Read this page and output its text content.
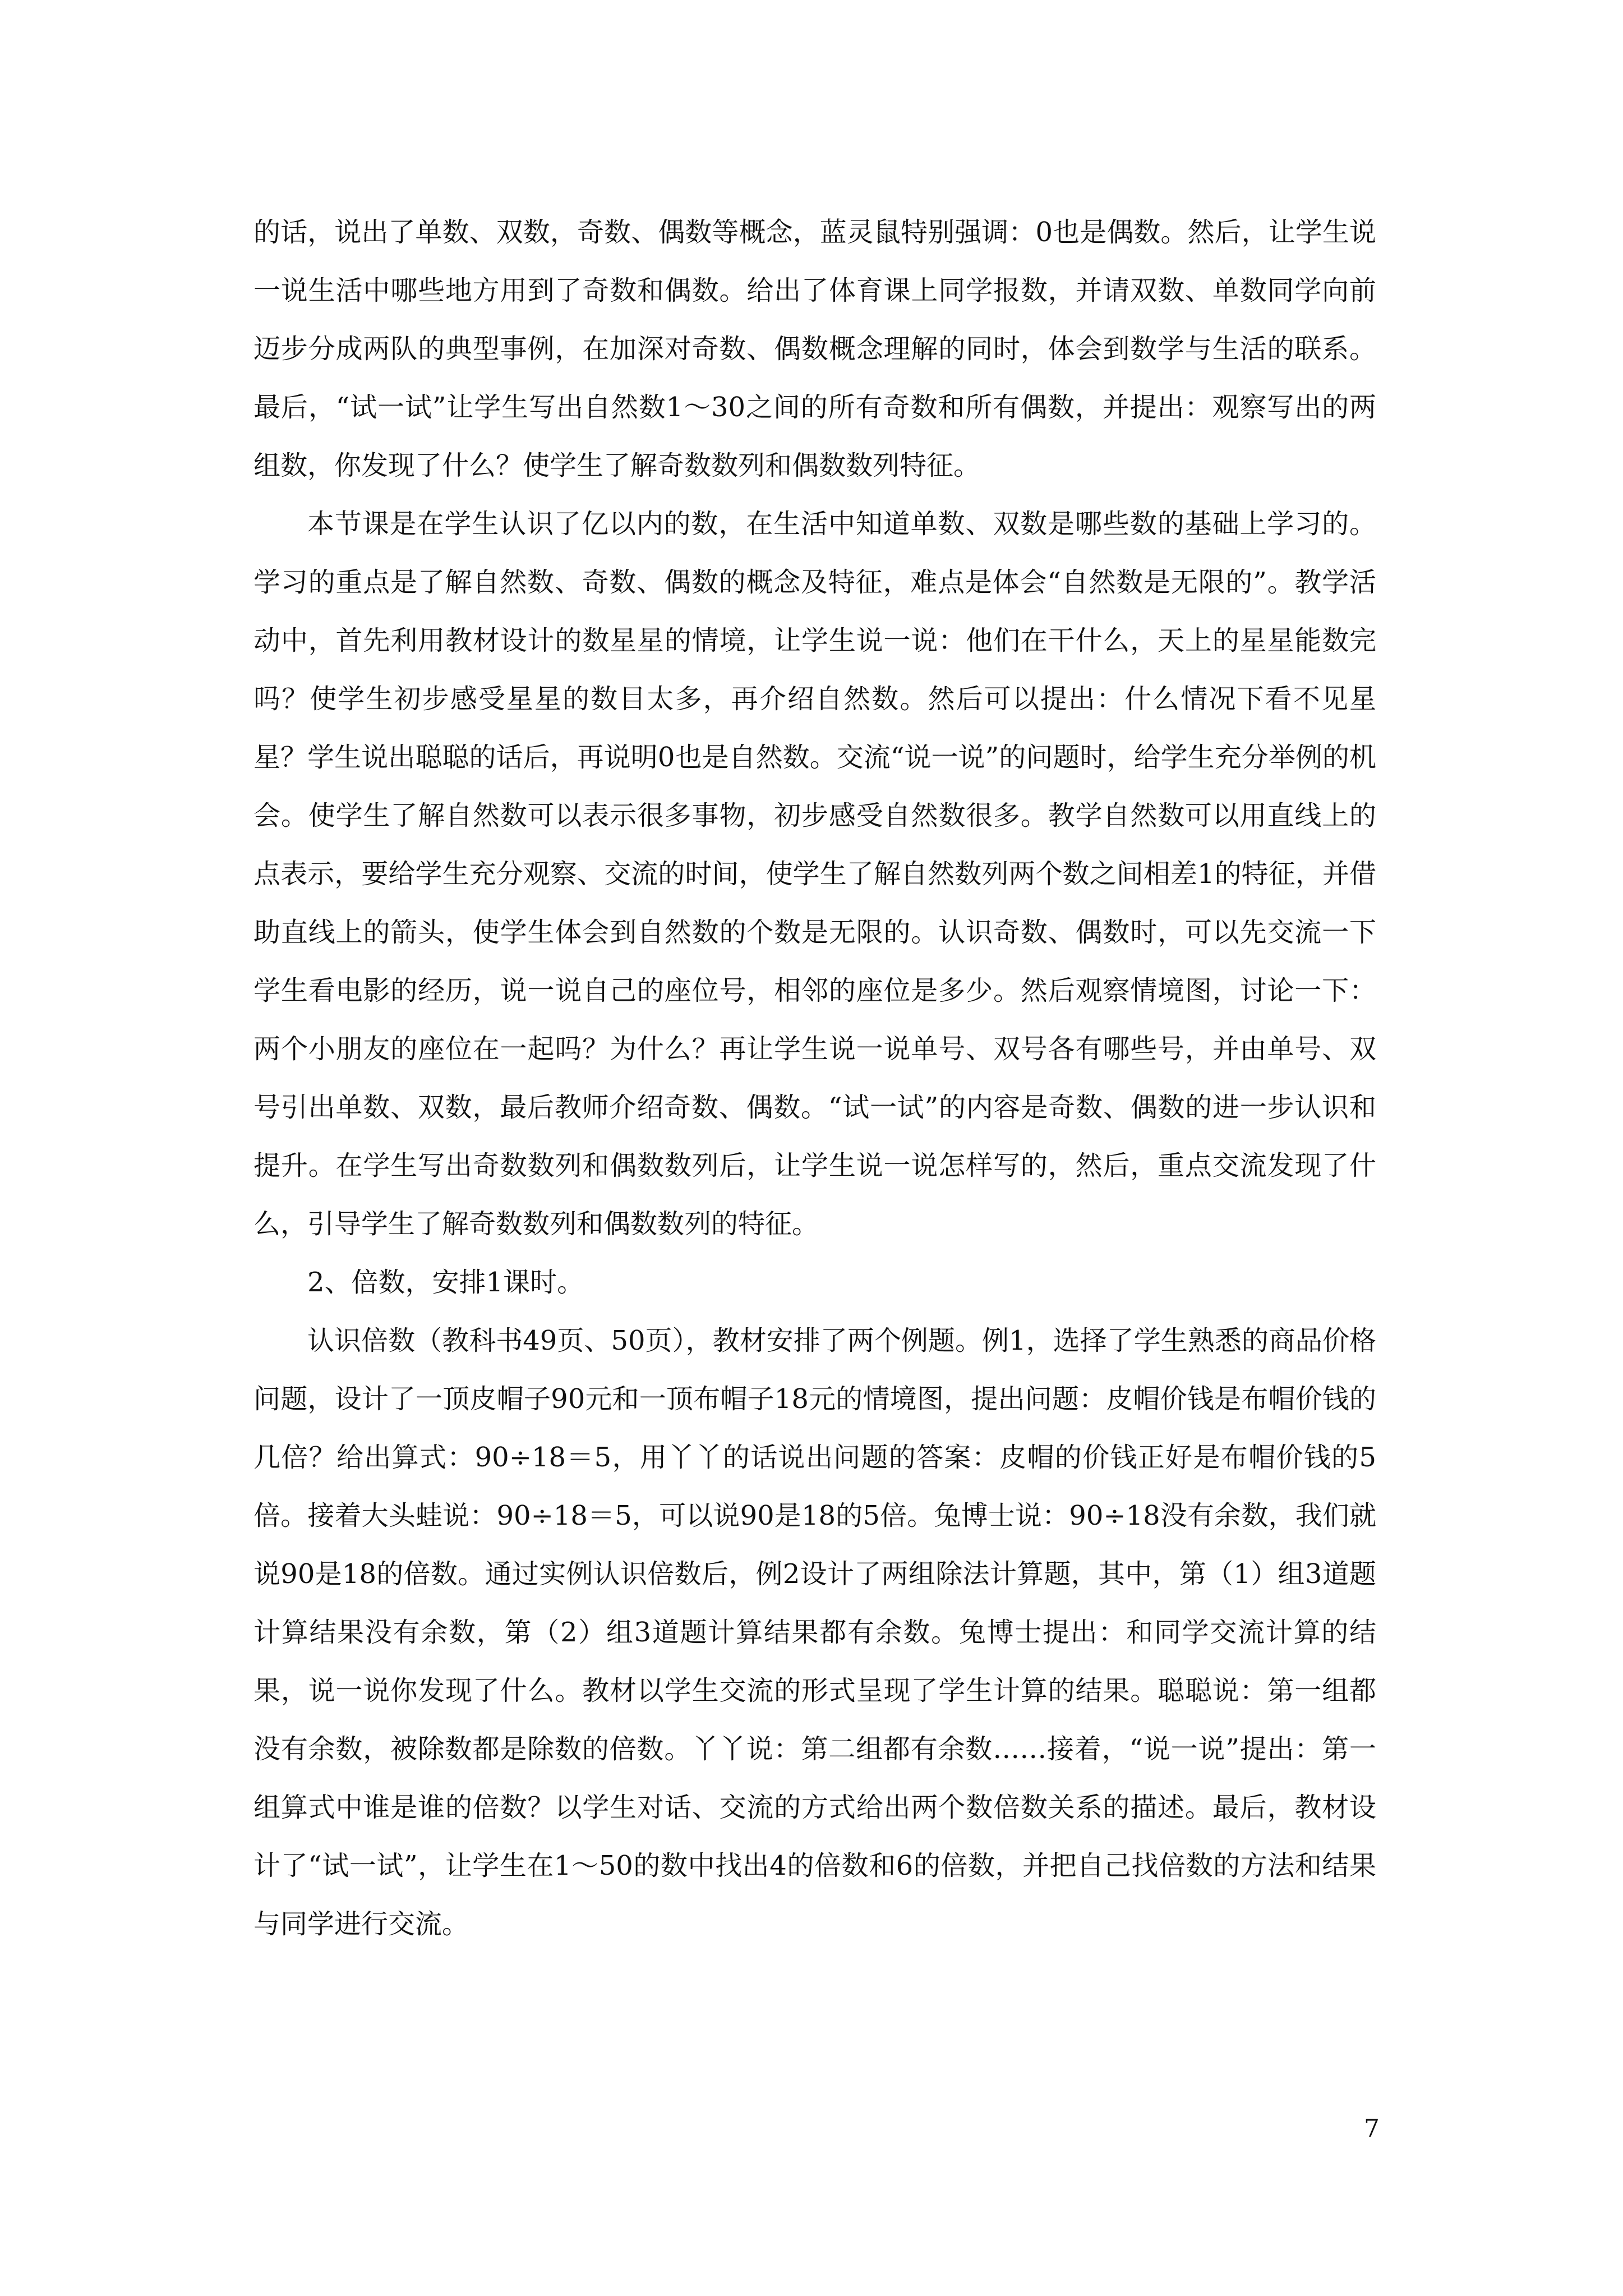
的话，说出了单数、双数，奇数、偶数等概念，蓝灵鼠特别强调：0也是偶数。然后，让学生说一说生活中哪些地方用到了奇数和偶数。给出了体育课上同学报数，并请双数、单数同学向前迈步分成两队的典型事例，在加深对奇数、偶数概念理解的同时，体会到数学与生活的联系。最后，“试一试”让学生写出自然数1～30之间的所有奇数和所有偶数，并提出：观察写出的两组数，你发现了什么？使学生了解奇数数列和偶数数列特征。

本节课是在学生认识了亿以内的数，在生活中知道单数、双数是哪些数的基础上学习的。学习的重点是了解自然数、奇数、偶数的概念及特征，难点是体会“自然数是无限的”。教学活动中，首先利用教材设计的数星星的情境，让学生说一说：他们在干什么，天上的星星能数完吗？使学生初步感受星星的数目太多，再介绍自然数。然后可以提出：什么情况下看不见星星？学生说出聪聪的话后，再说明0也是自然数。交流“说一说”的问题时，给学生充分举例的机会。使学生了解自然数可以表示很多事物，初步感受自然数很多。教学自然数可以用直线上的点表示，要给学生充分观察、交流的时间，使学生了解自然数列两个数之间相差1的特征，并借助直线上的箭头，使学生体会到自然数的个数是无限的。认识奇数、偶数时，可以先交流一下学生看电影的经历，说一说自己的座位号，相邻的座位是多少。然后观察情境图，讨论一下：两个小朋友的座位在一起吗？为什么？再让学生说一说单号、双号各有哪些号，并由单号、双号引出单数、双数，最后教师介绍奇数、偶数。“试一试”的内容是奇数、偶数的进一步认识和提升。在学生写出奇数数列和偶数数列后，让学生说一说怎样写的，然后，重点交流发现了什么，引导学生了解奇数数列和偶数数列的特征。

2、倍数，安排1课时。

认识倍数（教科书49页、50页），教材安排了两个例题。例1，选择了学生熟悉的商品价格问题，设计了一顶皮帽子90元和一顶布帽子18元的情境图，提出问题：皮帽价钱是布帽价钱的几倍？给出算式：90÷18＝5，用丫丫的话说出问题的答案：皮帽的价钱正好是布帽价钱的5倍。接着大头蛙说：90÷18＝5，可以说90是18的5倍。兔博士说：90÷18没有余数，我们就说90是18的倍数。通过实例认识倍数后，例2设计了两组除法计算题，其中，第（1）组3道题计算结果没有余数，第（2）组3道题计算结果都有余数。兔博士提出：和同学交流计算的结果，说一说你发现了什么。教材以学生交流的形式呈现了学生计算的结果。聪聪说：第一组都没有余数，被除数都是除数的倍数。丫丫说：第二组都有余数……接着，“说一说”提出：第一组算式中谁是谁的倍数？以学生对话、交流的方式给出两个数倍数关系的描述。最后，教材设计了“试一试”，让学生在1～50的数中找出4的倍数和6的倍数，并把自己找倍数的方法和结果与同学进行交流。

7
